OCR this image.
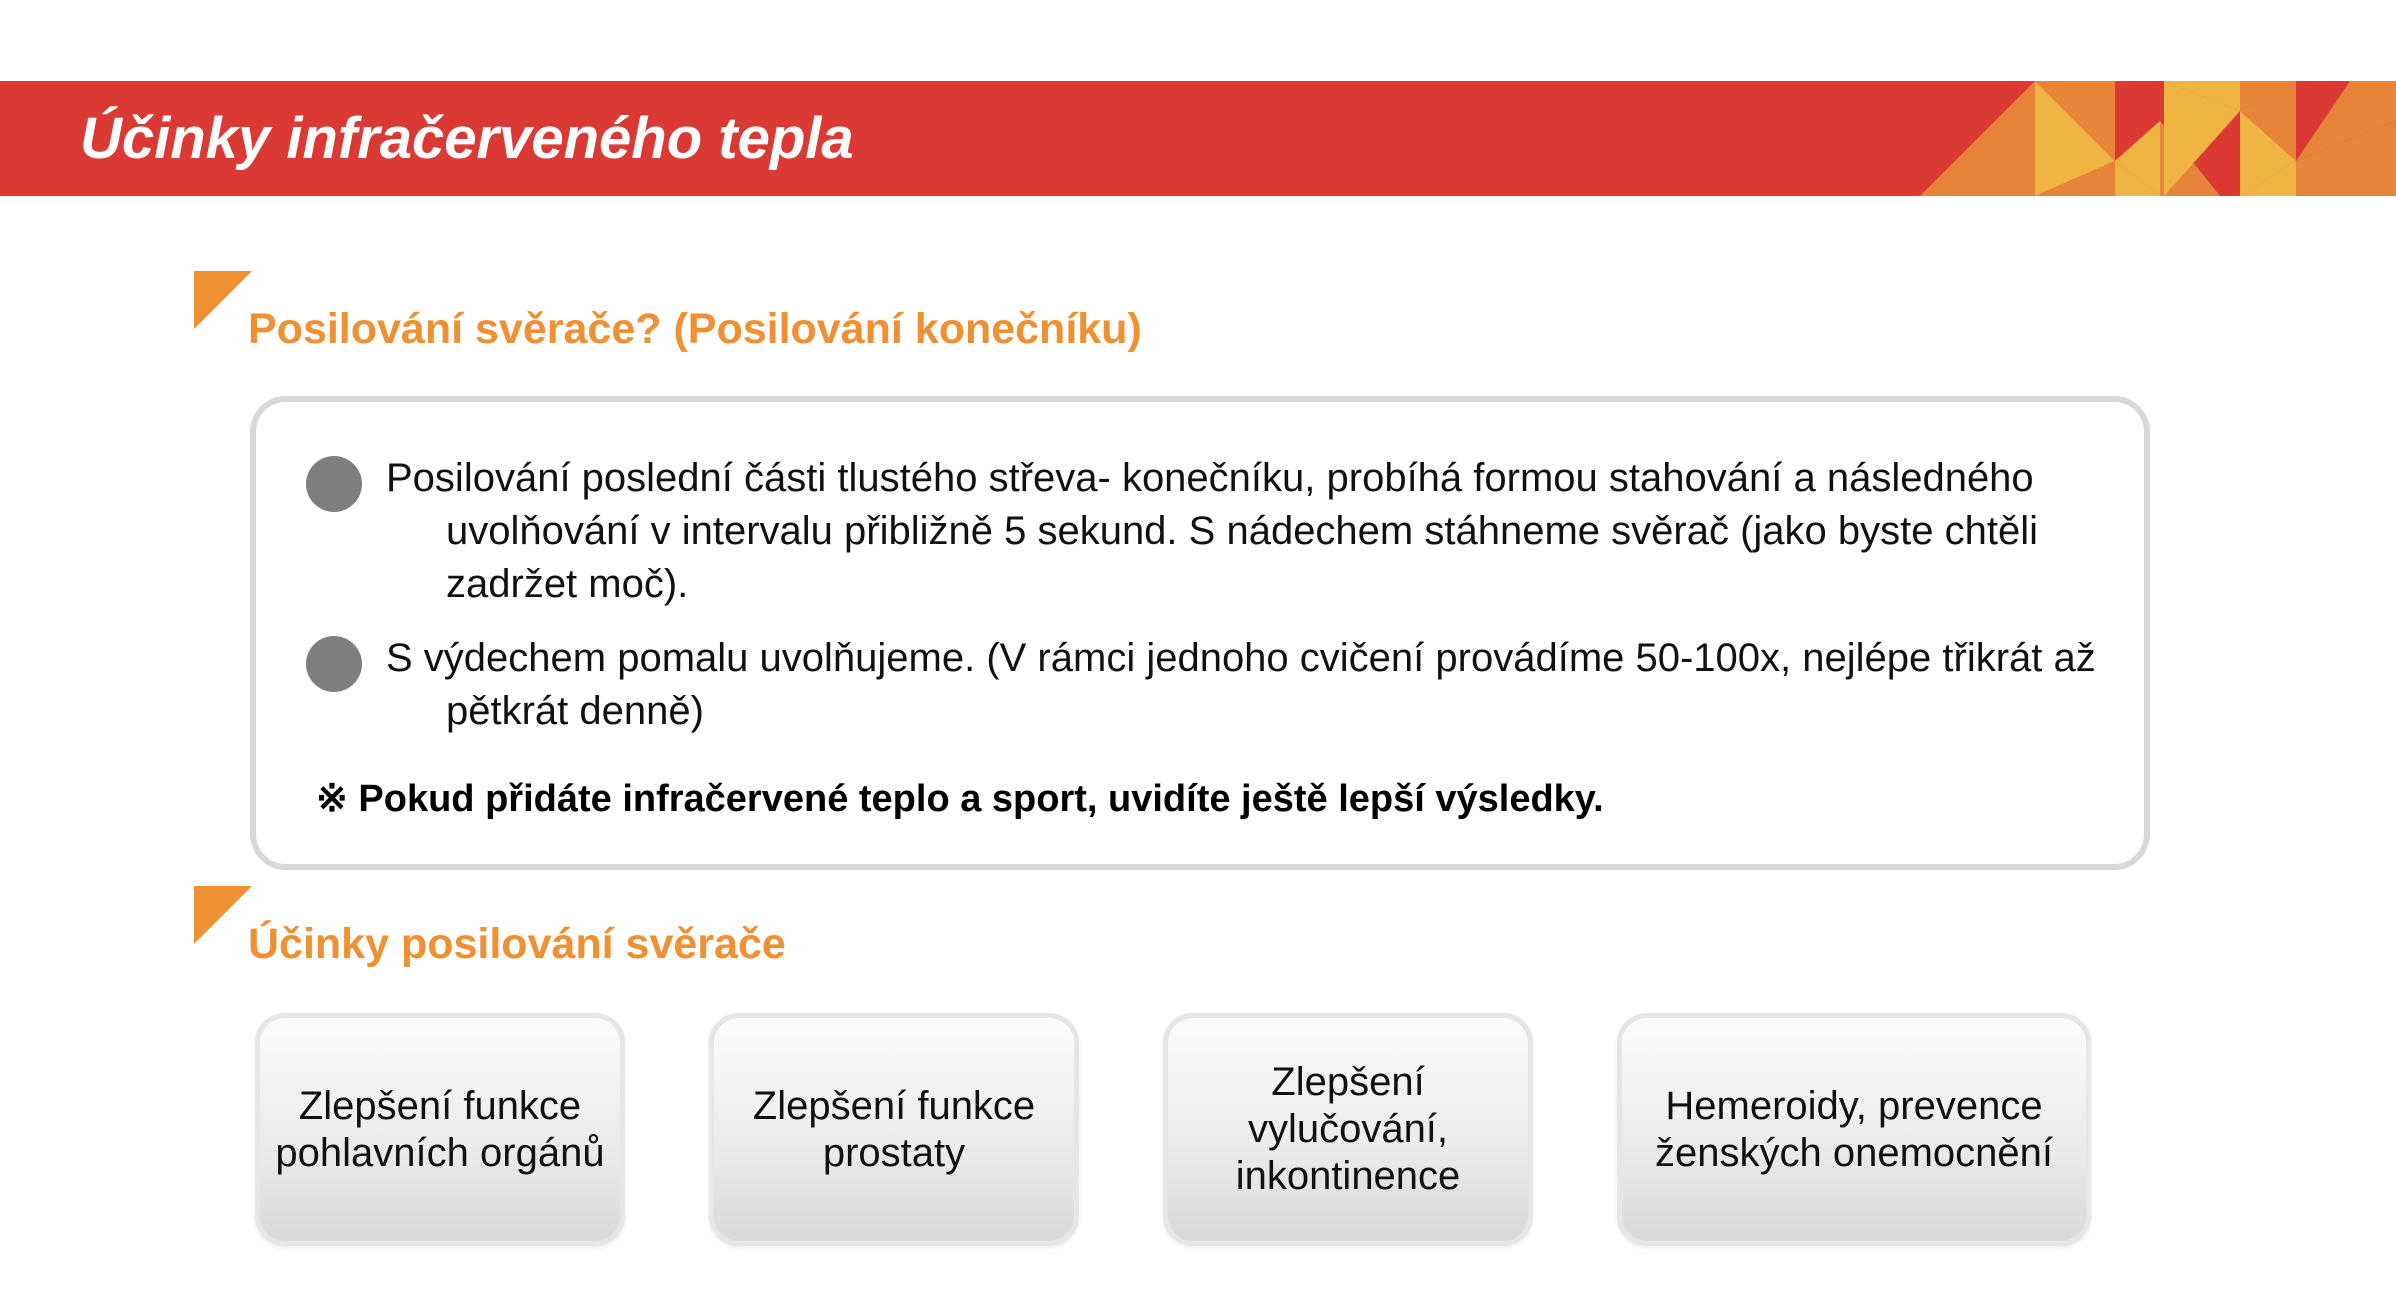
Účinky infračerveného tepla
Posilování svěrače? (Posilování konečníku)
Posilování poslední části tlustého střeva- konečníku, probíhá formou stahování a následného uvolňování v intervalu přibližně 5 sekund. S nádechem stáhneme svěrač (jako byste chtěli zadržet moč).
S výdechem pomalu uvolňujeme. (V rámci jednoho cvičení provádíme 50-100x, nejlépe třikrát až pětkrát denně)
※ Pokud přidáte infračervené teplo a sport, uvidíte ještě lepší výsledky.
Účinky posilování svěrače
Zlepšení funkce
pohlavních orgánů
Zlepšení funkce
prostaty
Zlepšení vylučování,
inkontinence
Hemeroidy, prevence
ženských onemocnění
